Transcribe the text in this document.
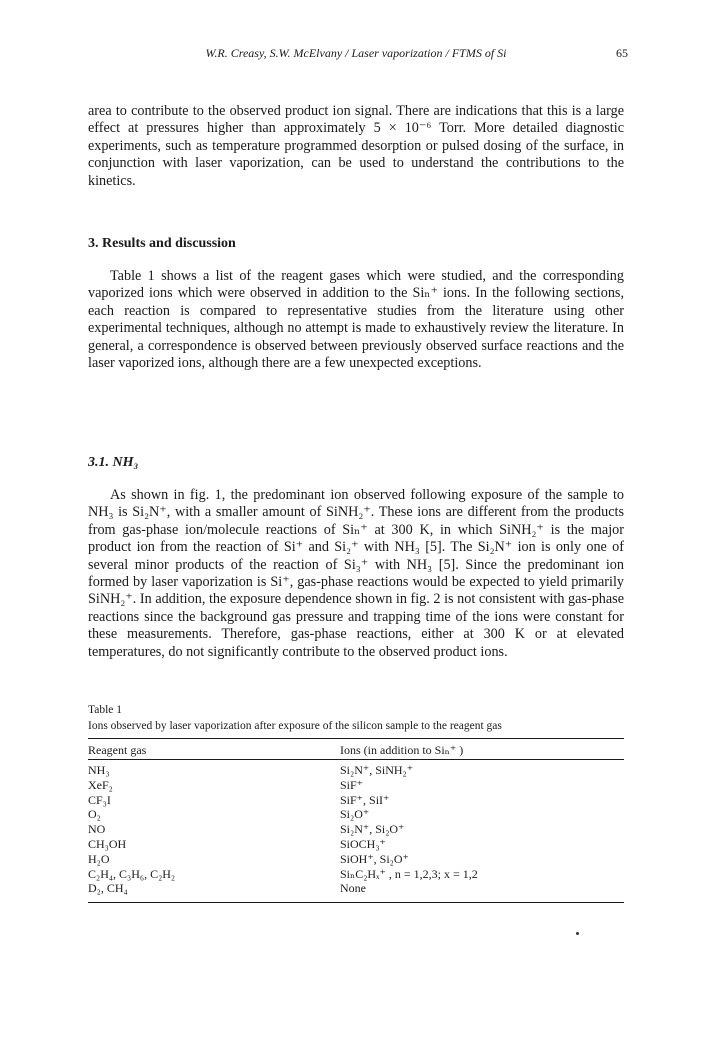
W.R. Creasy, S.W. McElvany / Laser vaporization / FTMS of Si	65

area to contribute to the observed product ion signal. There are indications that this is a large effect at pressures higher than approximately 5 × 10⁻⁶ Torr. More detailed diagnostic experiments, such as temperature programmed desorption or pulsed dosing of the surface, in conjunction with laser vaporization, can be used to understand the contributions to the kinetics.

3. Results and discussion

Table 1 shows a list of the reagent gases which were studied, and the corresponding vaporized ions which were observed in addition to the Siₙ⁺ ions. In the following sections, each reaction is compared to representative studies from the literature using other experimental techniques, although no attempt is made to exhaustively review the literature. In general, a correspondence is observed between previously observed surface reactions and the laser vaporized ions, although there are a few unexpected exceptions.

3.1. NH₃

As shown in fig. 1, the predominant ion observed following exposure of the sample to NH₃ is Si₂N⁺, with a smaller amount of SiNH₂⁺. These ions are different from the products from gas-phase ion/molecule reactions of Siₙ⁺ at 300 K, in which SiNH₂⁺ is the major product ion from the reaction of Si⁺ and Si₂⁺ with NH₃ [5]. The Si₂N⁺ ion is only one of several minor products of the reaction of Si₃⁺ with NH₃ [5]. Since the predominant ion formed by laser vaporization is Si⁺, gas-phase reactions would be expected to yield primarily SiNH₂⁺. In addition, the exposure dependence shown in fig. 2 is not consistent with gas-phase reactions since the background gas pressure and trapping time of the ions were constant for these measurements. Therefore, gas-phase reactions, either at 300 K or at elevated temperatures, do not significantly contribute to the observed product ions.

Table 1
Ions observed by laser vaporization after exposure of the silicon sample to the reagent gas
Reagent gas	Ions (in addition to Siₙ⁺ )
NH₃	Si₂N⁺, SiNH₂⁺
XeF₂	SiF⁺
CF₃I	SiF⁺, SiI⁺
O₂	Si₂O⁺
NO	Si₂N⁺, Si₂O⁺
CH₃OH	SiOCH₃⁺
H₂O	SiOH⁺, Si₂O⁺
C₂H₄, C₃H₆, C₂H₂	SiₙC₂Hₓ⁺ , n = 1,2,3; x = 1,2
D₂, CH₄	None
